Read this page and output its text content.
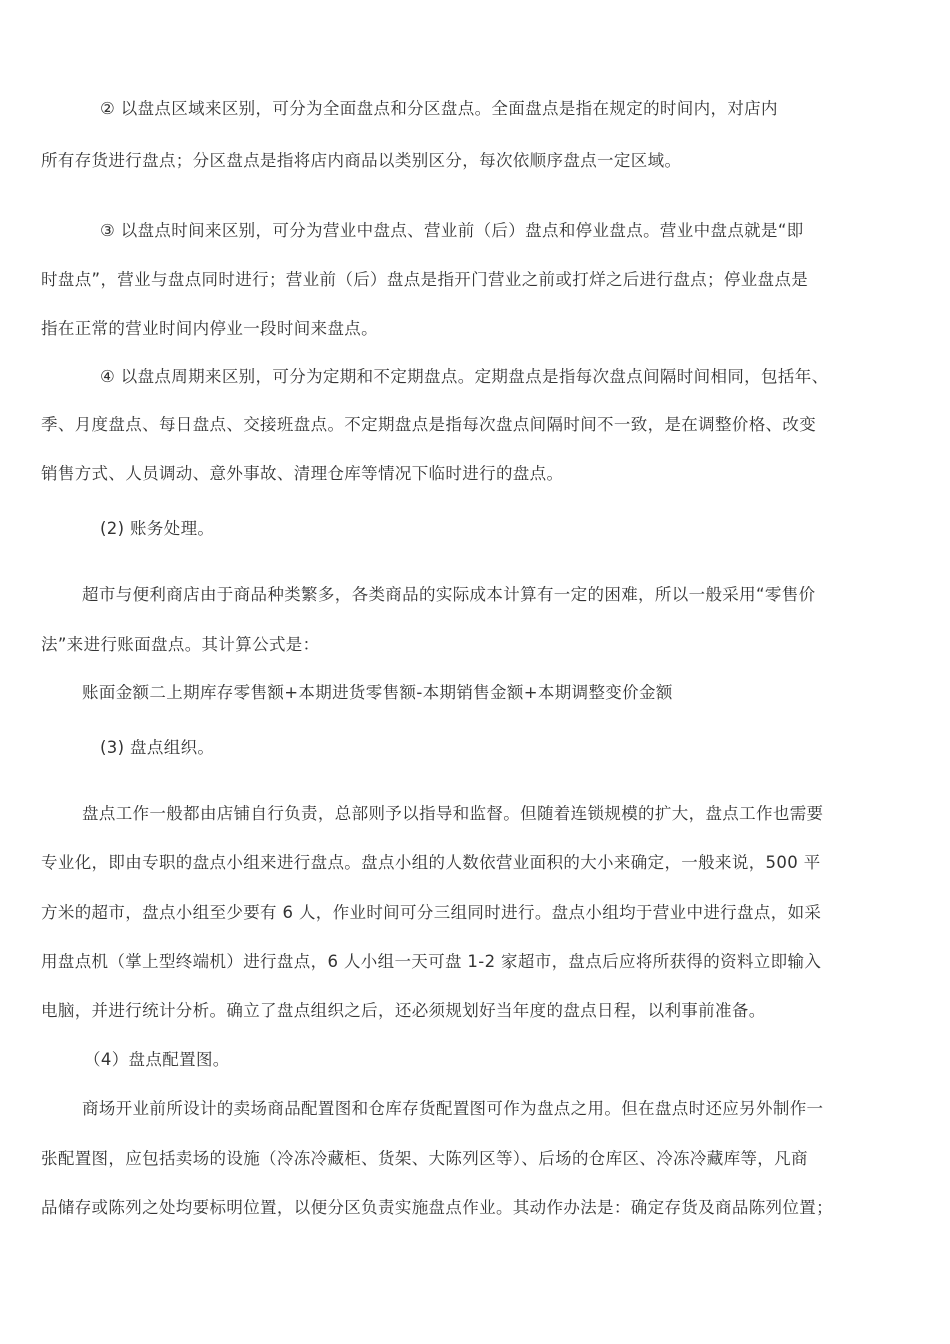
② 以盘点区域来区别，可分为全面盘点和分区盘点。全面盘点是指在规定的时间内，对店内
所有存货进行盘点；分区盘点是指将店内商品以类别区分，每次依顺序盘点一定区域。
③ 以盘点时间来区别，可分为营业中盘点、营业前（后）盘点和停业盘点。营业中盘点就是“即
时盘点”，营业与盘点同时进行；营业前（后）盘点是指开门营业之前或打烊之后进行盘点；停业盘点是
指在正常的营业时间内停业一段时间来盘点。
④ 以盘点周期来区别，可分为定期和不定期盘点。定期盘点是指每次盘点间隔时间相同，包括年、
季、月度盘点、每日盘点、交接班盘点。不定期盘点是指每次盘点间隔时间不一致，是在调整价格、改变
销售方式、人员调动、意外事故、清理仓库等情况下临时进行的盘点。
(2) 账务处理。
超市与便利商店由于商品种类繁多，各类商品的实际成本计算有一定的困难，所以一般采用“零售价
法”来进行账面盘点。其计算公式是：
账面金额二上期库存零售额+本期进货零售额-本期销售金额+本期调整变价金额
(3) 盘点组织。
盘点工作一般都由店铺自行负责，总部则予以指导和监督。但随着连锁规模的扩大，盘点工作也需要
专业化，即由专职的盘点小组来进行盘点。盘点小组的人数依营业面积的大小来确定，一般来说，500 平
方米的超市，盘点小组至少要有 6 人，作业时间可分三组同时进行。盘点小组均于营业中进行盘点，如采
用盘点机（掌上型终端机）进行盘点，6 人小组一天可盘 1-2 家超市，盘点后应将所获得的资料立即输入
电脑，并进行统计分析。确立了盘点组织之后，还必须规划好当年度的盘点日程，以利事前准备。
（4）盘点配置图。
商场开业前所设计的卖场商品配置图和仓库存货配置图可作为盘点之用。但在盘点时还应另外制作一
张配置图，应包括卖场的设施（冷冻冷藏柜、货架、大陈列区等）、后场的仓库区、冷冻冷藏库等，凡商
品储存或陈列之处均要标明位置，以便分区负责实施盘点作业。其动作办法是：确定存货及商品陈列位置；
